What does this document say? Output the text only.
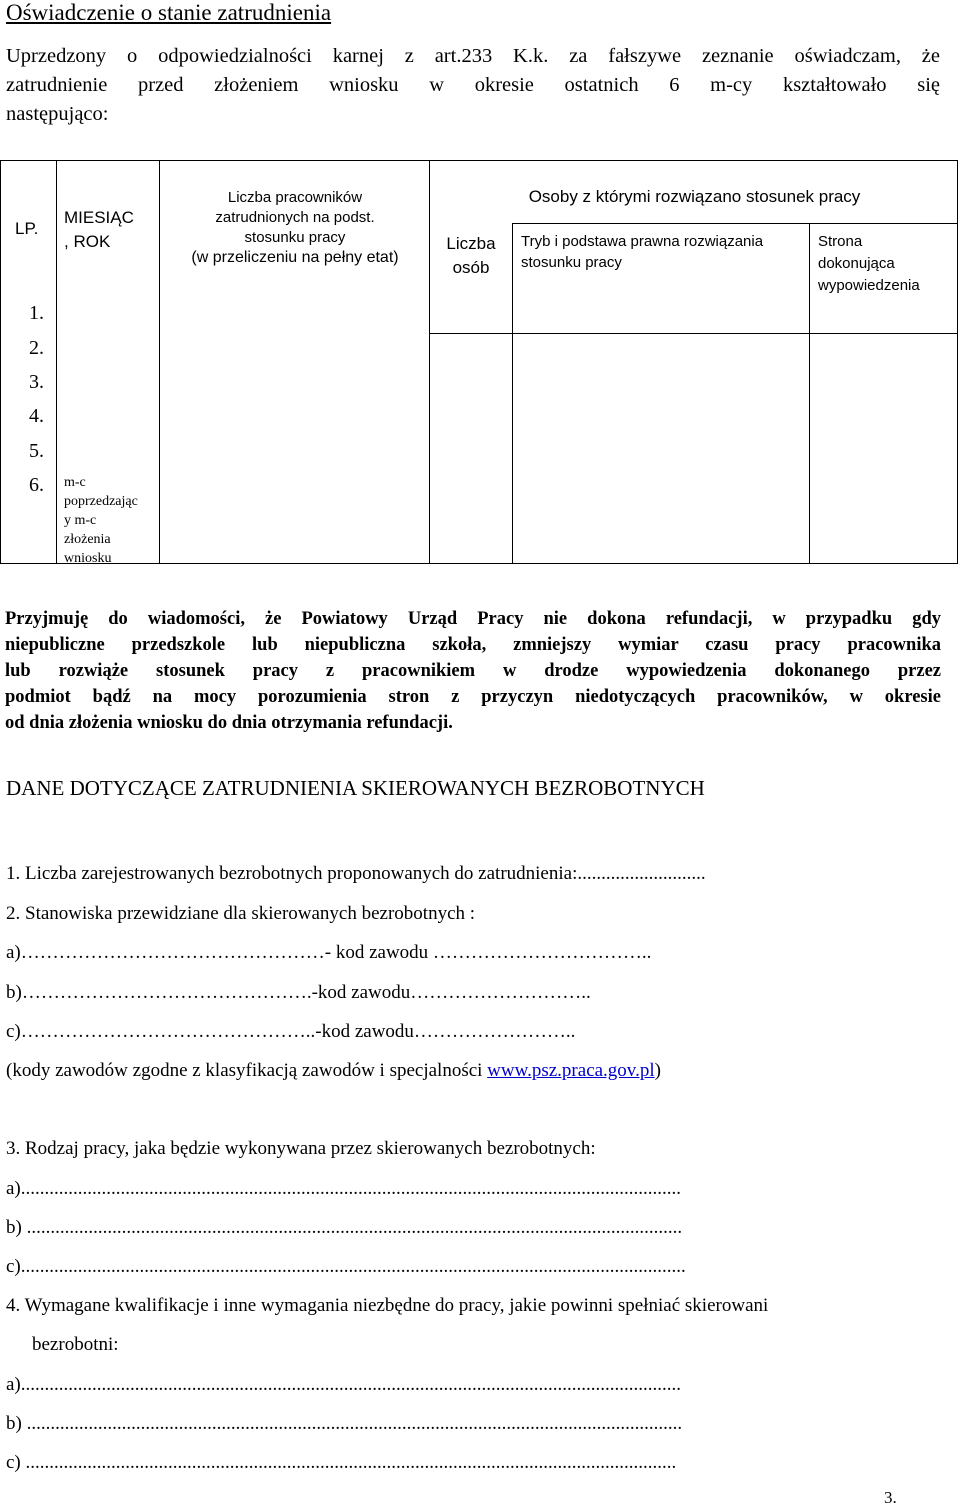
Oświadczenie o stanie zatrudnienia
Uprzedzony o odpowiedzialności karnej z art.233 K.k. za fałszywe zeznanie oświadczam, że
zatrudnienie przed złożeniem wniosku w okresie ostatnich 6 m-cy kształtowało się
następująco:
LP.
MIESIĄC
, ROK
Liczba pracowników
zatrudnionych na podst.
stosunku pracy
(w przeliczeniu na pełny etat)
Liczba
osób
Osoby z którymi rozwiązano stosunek pracy
Tryb i podstawa prawna rozwiązania
stosunku pracy
Strona
dokonująca
wypowiedzenia
1.
2.
3.
4.
5.
6. m-c
poprzedzając
y m-c
złożenia
wniosku
Przyjmuję do wiadomości, że Powiatowy Urząd Pracy nie dokona refundacji, w przypadku gdy
niepubliczne przedszkole lub niepubliczna szkoła, zmniejszy wymiar czasu pracy pracownika
lub rozwiąże stosunek pracy z pracownikiem w drodze wypowiedzenia dokonanego przez
podmiot bądź na mocy porozumienia stron z przyczyn niedotyczących pracowników, w okresie
od dnia złożenia wniosku do dnia otrzymania refundacji.
DANE DOTYCZĄCE ZATRUDNIENIA SKIEROWANYCH BEZROBOTNYCH
1. Liczba zarejestrowanych bezrobotnych proponowanych do zatrudnienia:...........................
2. Stanowiska przewidziane dla skierowanych bezrobotnych :
a)…………………………………………- kod zawodu ……………………………..
b)……………………………………….-kod zawodu………………………..
c)………………………………………..-kod zawodu……………………..
(kody zawodów zgodne z klasyfikacją zawodów i specjalności www.psz.praca.gov.pl)
3. Rodzaj pracy, jaka będzie wykonywana przez skierowanych bezrobotnych:
a)...........................................................................................................................................
b) ..........................................................................................................................................
c)............................................................................................................................................
4. Wymagane kwalifikacje i inne wymagania niezbędne do pracy, jakie powinni spełniać skierowani
bezrobotni:
a)...........................................................................................................................................
b) ..........................................................................................................................................
c) .........................................................................................................................................
3.
